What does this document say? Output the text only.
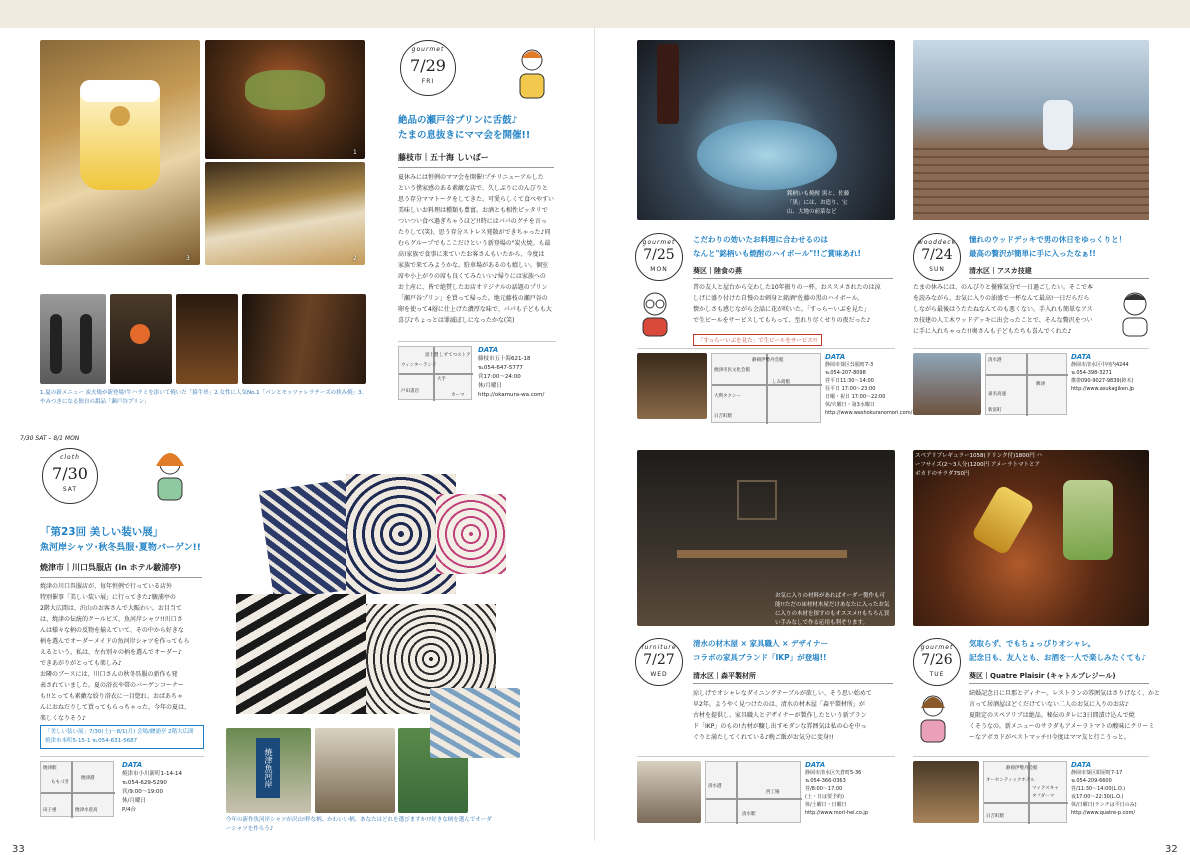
3
1
2
1.夏の新メニュー 炭火焼が新登場!牛ハラミを添いて焼いた「猿牛串」2.女性に人気No.1「パンとモッツァレラチーズの挟み焼」3.やみつきになる独自の甜品「瀬戸谷プリン」
gourmet
7/29
FRI
絶品の瀬戸谷プリンに舌鼓♪
たまの息抜きにママ会を開催!!
藤枝市｜五十海 しいぱー
夏休みには恒例のママ会を開催!プチリニューアルした
という僕家感のある素敵な店で、久しぶりにのんびりと
思う存分ママトークをしてきた。可愛らしくて食べやすい
美味しいお料理は種類も豊富。お酒とも相性ピッタリで
ついつい食べ過ぎちゃうほど!!時にはパパのグチを言っ
たりして(笑)、思う存分ストレス発散ができちゃった♪同
むらグループでもここだけという新登場の"炭火焼。も最
高!家族で食事に来ていたお客さんもいたから、今度は
家族で来てみようかな。駐車場があるのも嬉しい。個室
席や小上がりの席も良くてみたいい♪帰りには家族への
お土産に、皆で絶賛したお店オリジナルの話題のプリン
「瀬戸谷プリン」を買って帰った。地元藤枝の瀬戸谷の
卵を使って4層に仕上げた濃厚な味で、パパも子どもも大
喜び♪ちょっとは罪滅ぼしになったかな(笑)
富士製 しずてつストア
ウィンターランド
大手
戸田書店
カーマ
DATA
藤枝市五十海621-18
℡054-647-5777
営17:00～24:00
休/月曜日
http://okamura-wa.com/
cloth
7/30
SAT
7/30 SAT – 8/1 MON
「第23回 美しい装い展」
魚河岸シャツ･秋冬呉服･夏物バーゲン!!
焼津市｜川口呉服店 (in ホテル駿浦亭)
焼津の川口呉服店が、毎年恒例で行っている店外
特別催事「美しい装い展」に行ってきた♪駿浦亭の
2階大広間は、沢山のお客さんで大賑わい。お目当て
は、焼津の伝統的クールビズ、魚河岸シャツ!!川口さ
んは様々な柄の反物を揃えていて、その中から好きな
柄を選んでオーダーメイドの魚河岸シャツを作ってもら
えるという。私は、左右別々の柄を選んでオーダー♪
できあがりがとっても楽しみ♪
お隣のブースには、川口さんの秋冬呉服の新作も発
表されていました。夏の浴衣や帯のバーゲンコーナー
も!!とっても素敵な絞り浴衣に一目惚れ、おばあちゃ
んにおねだりして買ってもらっちゃった。今年の夏は、
楽しくなりそう♪
「美しい装い展」7/30(土)～8/1(月) 会場/駿浦亭 2階大広間
焼津市本町5-15-1 ℡054-631-5687
焼津駅
ももづき
焼津港
田子重	焼津水産高
DATA
焼津市小川新町1-14-14
℡054-629-5290
営/9:00～19:00
休/月曜日
P/4台
焼津魚河岸
今年の新作魚河岸シャツが沢山!粋な柄、かわいい柄、あなたはどれを選びますか!?好きな柄を選んでオーダーシャツを作ろう♪
33
銘柄いも焼酎 黒と、佐藤「黒」には、お造り、宝山、大地の前菜など
gourmet
7/25
MON
こだわりの効いたお料理に合わせるのは
なんと"銘柄いも焼酎のハイボール"!!ご賞味あれ!
葵区｜陸食の燕
昔の友人と屋台から交わした10年振りの一杯。おススメされたのは涼
しげに盛り付けた自慢のお刺身と銘酒"佐藤の黒のハイボール。
懐かしさも感じながら会話に花が咲いた。「すっらーいぶを見た」
で生ビールをサービスしてもらって、至れり尽くせりの夜だった♪
「すっらーいぶを見た」で生ビールをサービス!!
静岡伊勢丹会館
焼津市民文化会館
大利タクシー
しみ商館
日吉町駅
DATA
静岡市葵区呉服町7-3
℡054-207-8098
営平日11:30～14:00
昼平日 17:00～23:00
日曜・祝日 17:00～22:00
休/火曜日・第3水曜日
http://www.washokuranomori.com/
wooddeck
7/24
SUN
憧れのウッドデッキで男の休日をゆっくりと！
最高の贅沢が簡単に手に入ったなぁ!!
清水区｜アスカ技建
たまの休みには、のんびりと優雅気分で一日過ごしたい。そこで本
を読みながら、お気に入りの油盛で一杯なんて最高!一日だらだら
しながら最後はうたたねなんてのも悪くない。手入れも簡単なアス
カ技建の人工木ウッドデッキに出会ったことで、そんな贅沢をつい
に手に入れちゃった!!奥さんも子どもたちも喜んでくれた♪
清水港
興津
東名高速
新富町
DATA
静岡市清水区中河内4244
℡054-398-3271
携帯090-9027-9839(鈴木)
http://www.asukagiken.jp
お気に入りの材料があればオーダー製作も可能!!ただの床材材木屋だけあなたに入ったお気に入りの木材を探すのもオススメ!!もちろん買い手みなしで作る応用も利ぞります。
furniture
7/27
WED
清水の材木屋 × 家具職人 × デザイナー
コラボの家具ブランド「IKP」が登場!!
清水区｜森平製材所
涼しげでオシャレなダイニングテーブルが欲しい、そう思い始めて
早2年。ようやく見つけたのは、清水の材木屋「森平製材所」が
古材を提供し、家具職人とデザイナーが製作したという新ブラン
ド「IKP」のもの!古材が醸し出すモダンな雰囲気は私の心を中っ
ぐりと満たしてくれている♪晩ご飯がお気分に変身!!
清水港
清水駅
西工場
DATA
静岡市清水区矢倉町5-36
℡054-366-0363
営/8:00～17:00
(土・日は要予約)
休/土曜日・日曜日
http://www.mori-hei.co.jp
スペアリブレギュラー1058(ドリンク付)1800円 ハーフサイズ(2～3人分)1200円 アメーラトマトとアボカドのサラダ750円
gourmet
7/26
TUE
気取らず、でもちょっぴりオシャレ。
記念日も、友人とも、お酒を一人で楽しみたくても♪
葵区｜Quatre Plaisir (キャトルプレジール)
結婚記念日に旦那とディナー。レストランの雰囲気はさりげなく、かと
言って居酒屋ほどくだけていない二人のお気に入りのお店♪
夏限定のスペアリブは絶品。秘伝のタレに3日間漬け込んで焼
くそうなの。新メニューのサラダもアメーラトマトの酸味にクリーミ
ーなアボカドがベストマッチ!!今度はママ友と行こうっと。
静岡伊勢丹会館
オーセンティックホテル
マックスキャ
タフダーマ
日吉町駅
DATA
静岡市葵区紺屋町7-17
℡054-209-6600
営/11:30～14:00(L.O.)
夜17:00～22:30(L.O.)
休/日曜日(ランチは平日のみ)
http://www.quatre-p.com/
32
